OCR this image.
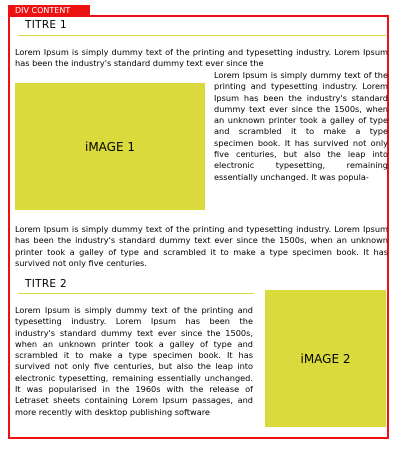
DIV CONTENT
TITRE 1
Lorem Ipsum is simply dummy text of the printing and typesetting industry. Lorem Ipsum has been the industry's standard dummy text ever since the
iMAGE 1
Lorem Ipsum is simply dummy text of the printing and typesetting industry. Lorem Ipsum has been the industry's standard dummy text ever since the 1500s, when an unknown printer took a galley of type and scrambled it to make a type specimen book. It has survived not only five centuries, but also the leap into electronic typesetting, remaining essentially unchanged. It was popula-
Lorem Ipsum is simply dummy text of the printing and typesetting industry. Lorem Ipsum has been the industry's standard dummy text ever since the 1500s, when an unknown printer took a galley of type and scrambled it to make a type specimen book. It has survived not only five centuries.
TITRE 2
Lorem Ipsum is simply dummy text of the printing and typesetting industry. Lorem Ipsum has been the industry's standard dummy text ever since the 1500s, when an unknown printer took a galley of type and scrambled it to make a type specimen book. It has survived not only five centuries, but also the leap into electronic typesetting, remaining essentially unchanged. It was popularised in the 1960s with the release of Letraset sheets containing Lorem Ipsum passages, and more recently with desktop publishing software
iMAGE 2
